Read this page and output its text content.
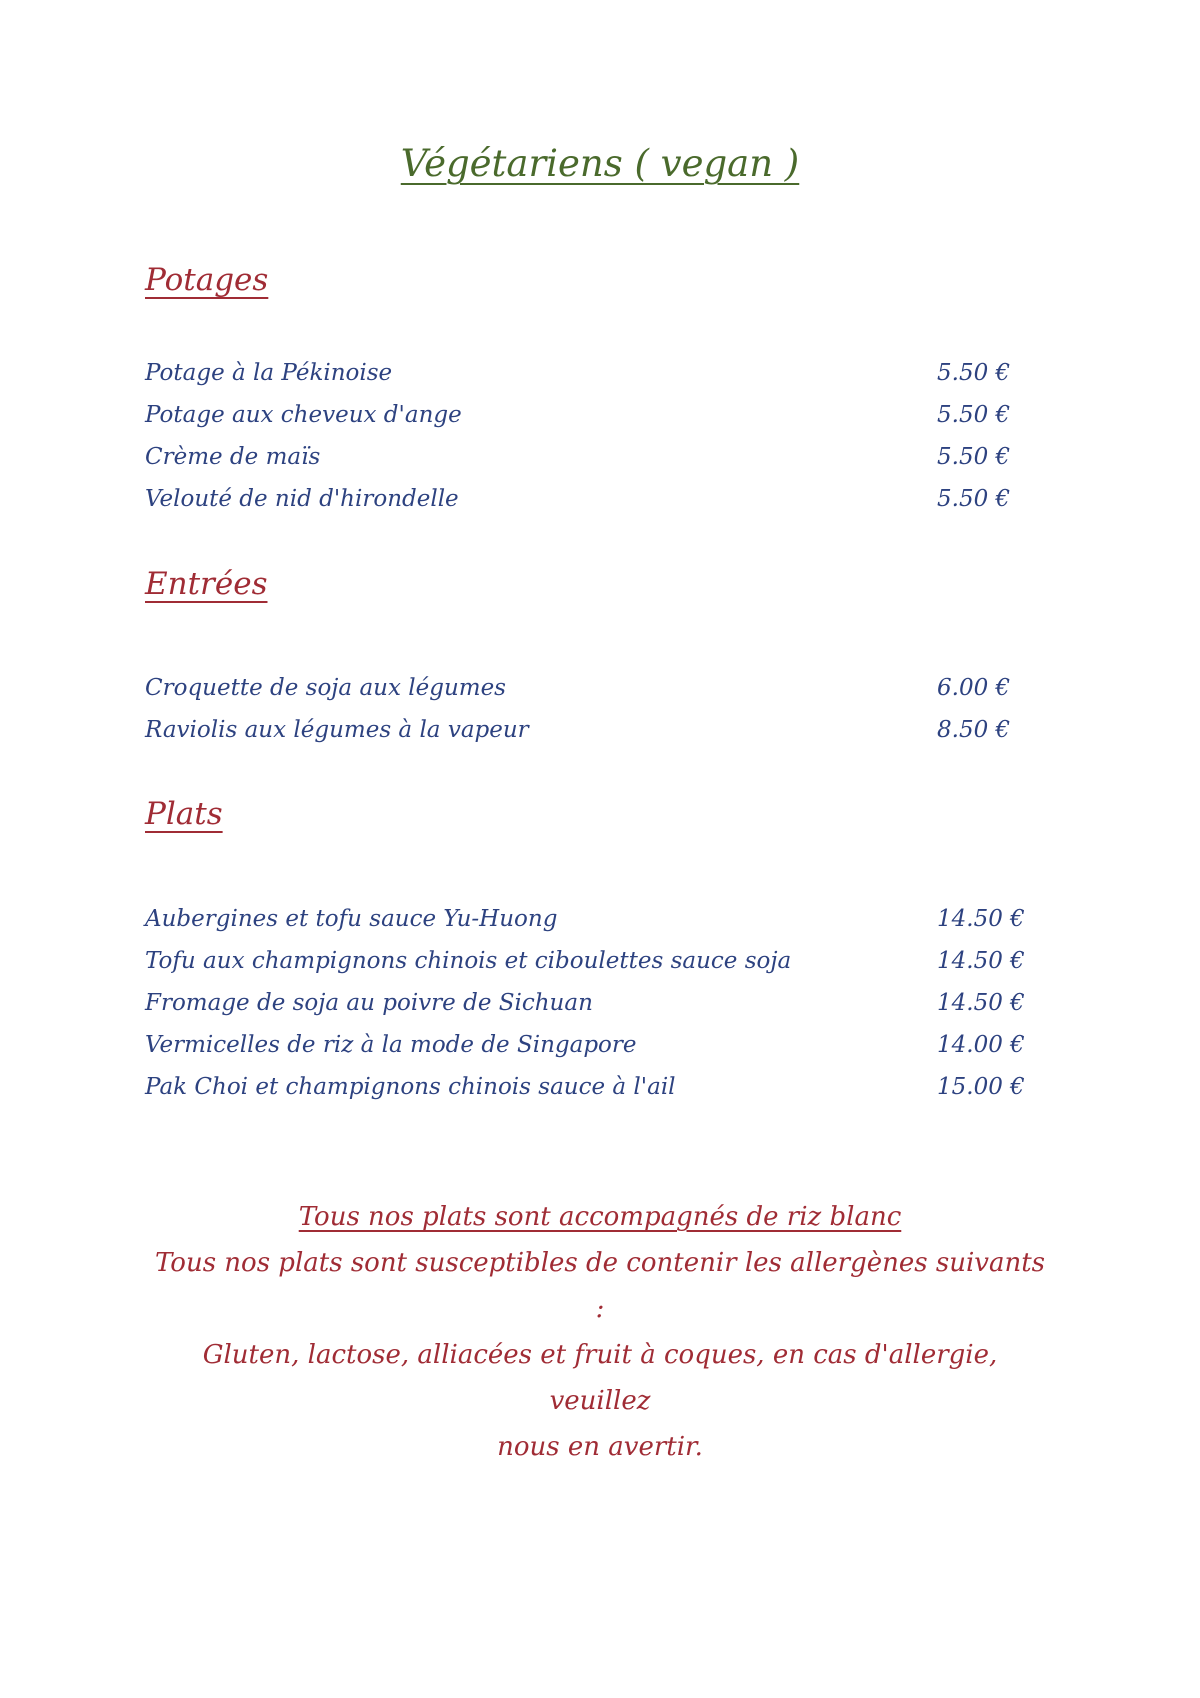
Végétariens ( vegan )
Potages
Potage à la Pékinoise	5.50 €
Potage aux cheveux d'ange	5.50 €
Crème de maïs	5.50 €
Velouté de nid d'hirondelle	5.50 €
Entrées
Croquette de soja aux légumes	6.00 €
Raviolis aux légumes à la vapeur	8.50 €
Plats
Aubergines et tofu sauce Yu-Huong	14.50 €
Tofu aux champignons chinois et ciboulettes sauce soja	14.50 €
Fromage de soja au poivre de Sichuan	14.50 €
Vermicelles de riz à la mode de Singapore	14.00 €
Pak Choi et champignons chinois sauce à l'ail	15.00 €
Tous nos plats sont accompagnés de riz blanc
Tous nos plats sont susceptibles de contenir les allergènes suivants :
Gluten, lactose, alliacées et fruit à coques, en cas d'allergie, veuillez
nous en avertir.
